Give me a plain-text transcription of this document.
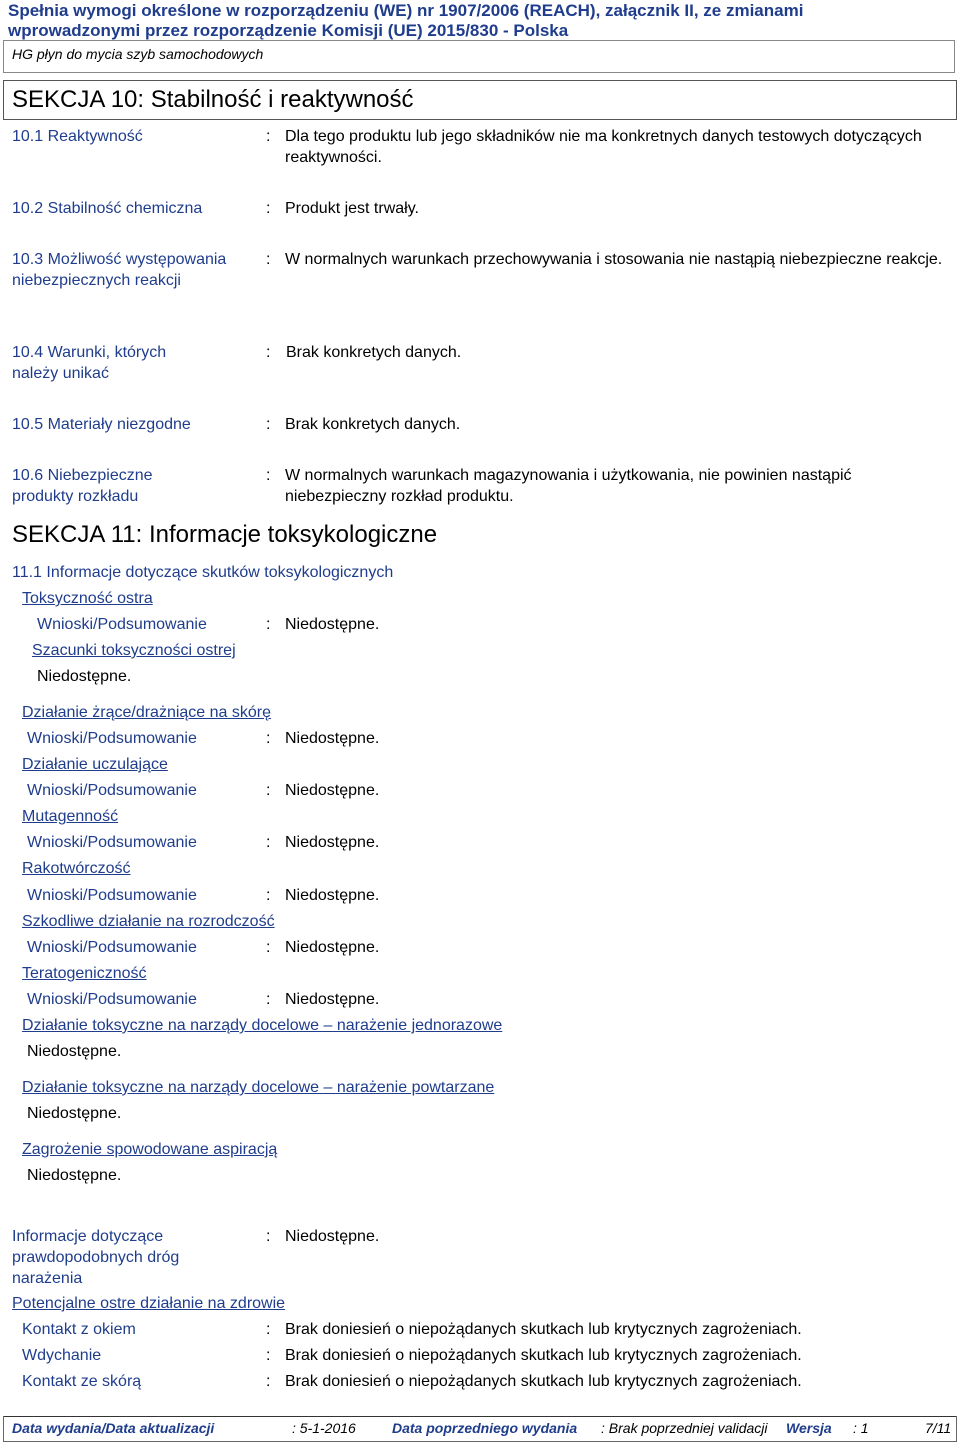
Spełnia wymogi określone w rozporządzeniu (WE) nr 1907/2006 (REACH), załącznik II, ze zmianami
wprowadzonymi przez rozporządzenie Komisji (UE) 2015/830 - Polska
HG płyn do mycia szyb samochodowych
SEKCJA 10: Stabilność i reaktywność
10.1 Reaktywność	: Dla tego produktu lub jego składników nie ma konkretnych danych testowych dotyczących reaktywności.
10.2 Stabilność chemiczna	: Produkt jest trwały.
10.3 Możliwość występowania niebezpiecznych reakcji
: W normalnych warunkach przechowywania i stosowania nie nastąpią niebezpieczne reakcje.
10.4 Warunki, których należy unikać
: Brak konkretych danych.
10.5 Materiały niezgodne	: Brak konkretych danych.
10.6 Niebezpieczne produkty rozkładu
: W normalnych warunkach magazynowania i użytkowania, nie powinien nastąpić niebezpieczny rozkład produktu.
SEKCJA 11: Informacje toksykologiczne
11.1 Informacje dotyczące skutków toksykologicznych
Toksyczność ostra
Wnioski/Podsumowanie	: Niedostępne.
Szacunki toksyczności ostrej
Niedostępne.
Działanie żrące/drażniące na skórę
Wnioski/Podsumowanie	: Niedostępne.
Działanie uczulające
Wnioski/Podsumowanie	: Niedostępne.
Mutagenność
Wnioski/Podsumowanie	: Niedostępne.
Rakotwórczość
Wnioski/Podsumowanie	: Niedostępne.
Szkodliwe działanie na rozrodczość
Wnioski/Podsumowanie	: Niedostępne.
Teratogeniczność
Wnioski/Podsumowanie	: Niedostępne.
Działanie toksyczne na narządy docelowe – narażenie jednorazowe
Niedostępne.
Działanie toksyczne na narządy docelowe – narażenie powtarzane
Niedostępne.
Zagrożenie spowodowane aspiracją
Niedostępne.
Informacje dotyczące prawdopodobnych dróg narażenia
: Niedostępne.
Potencjalne ostre działanie na zdrowie
Kontakt z okiem	: Brak doniesień o niepożądanych skutkach lub krytycznych zagrożeniach.
Wdychanie	: Brak doniesień o niepożądanych skutkach lub krytycznych zagrożeniach.
Kontakt ze skórą	: Brak doniesień o niepożądanych skutkach lub krytycznych zagrożeniach.
Data wydania/Data aktualizacji	: 5-1-2016	Data poprzedniego wydania : Brak poprzedniej validacji Wersja : 1	7/11
